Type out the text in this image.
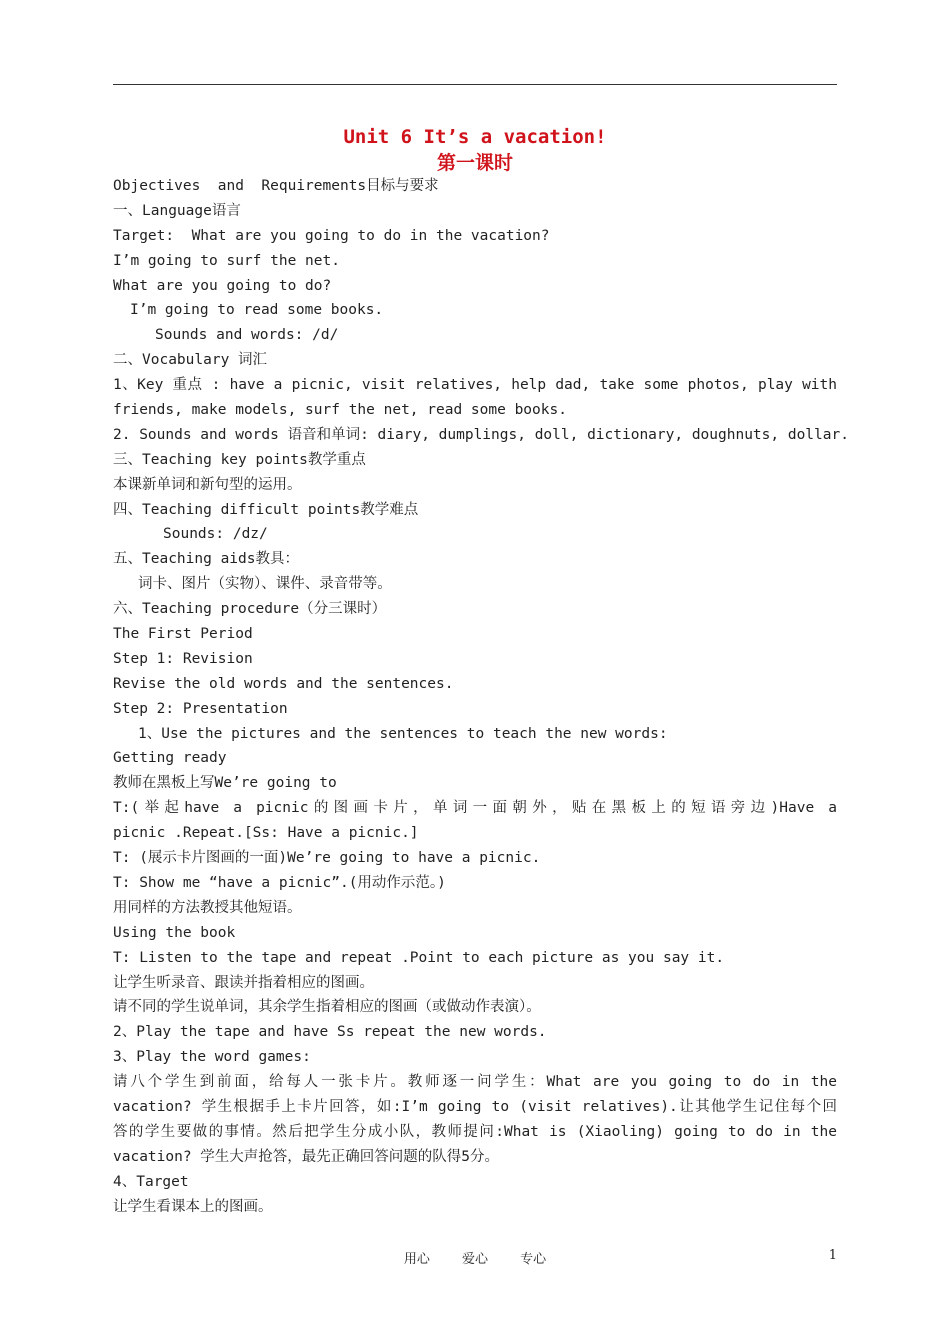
Unit 6 It’s a vacation!
第一课时
Objectives  and  Requirements目标与要求
一、Language语言
Target:  What are you going to do in the vacation?
I’m going to surf the net.
What are you going to do?
I’m going to read some books.
Sounds and words: /d/
二、Vocabulary 词汇
1、Key 重点 : have a picnic, visit relatives, help dad, take some photos, play with
friends, make models, surf the net, read some books.
2. Sounds and words 语音和单词: diary, dumplings, doll, dictionary, doughnuts, dollar.
三、Teaching key points教学重点
本课新单词和新句型的运用。
四、Teaching difficult points教学难点
Sounds: /dz/
五、Teaching aids教具：
词卡、图片（实物）、课件、录音带等。
六、Teaching procedure（分三课时）
The First Period
Step 1: Revision
Revise the old words and the sentences.
Step 2: Presentation
1、Use the pictures and the sentences to teach the new words:
Getting ready
教师在黑板上写We’re going to
T:(举起have a picnic的图画卡片，单词一面朝外，贴在黑板上的短语旁边)Have a
picnic .Repeat.[Ss: Have a picnic.]
T: (展示卡片图画的一面)We’re going to have a picnic.
T: Show me “have a picnic”.(用动作示范。)
用同样的方法教授其他短语。
Using the book
T: Listen to the tape and repeat .Point to each picture as you say it.
让学生听录音、跟读并指着相应的图画。
请不同的学生说单词，其余学生指着相应的图画（或做动作表演）。
2、Play the tape and have Ss repeat the new words.
3、Play the word games:
请八个学生到前面，给每人一张卡片。教师逐一问学生：What are you going to do in the
vacation? 学生根据手上卡片回答，如:I’m going to (visit relatives).让其他学生记住每个回
答的学生要做的事情。然后把学生分成小队，教师提问:What is (Xiaoling) going to do in the
vacation? 学生大声抢答，最先正确回答问题的队得5分。
4、Target
让学生看课本上的图画。
用心 爱心 专心	1
